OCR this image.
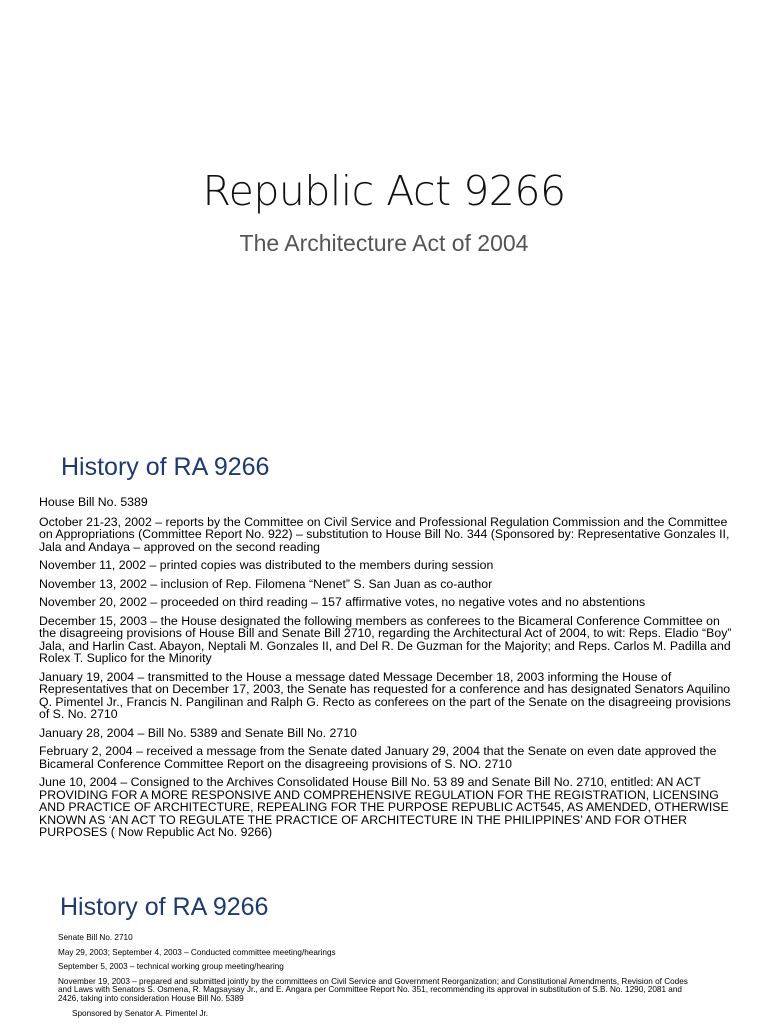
Republic Act 9266
The Architecture Act of 2004
History of RA 9266

House Bill No. 5389

October 21-23, 2002 – reports by the Committee on Civil Service and Professional Regulation Commission and the Committee on Appropriations (Committee Report No. 922) – substitution to House Bill No. 344 (Sponsored by: Representative Gonzales II, Jala and Andaya – approved on the second reading

November 11, 2002 – printed copies was distributed to the members during session

November 13, 2002 – inclusion of Rep. Filomena “Nenet” S. San Juan as co-author

November 20, 2002 – proceeded on third reading – 157 affirmative votes, no negative votes and no abstentions

December 15, 2003 – the House designated the following members as conferees to the Bicameral Conference Committee on the disagreeing provisions of House Bill and Senate Bill 2710, regarding the Architectural Act of 2004, to wit: Reps. Eladio “Boy” Jala, and Harlin Cast. Abayon, Neptali M. Gonzales II, and Del R. De Guzman for the Majority; and Reps. Carlos M. Padilla and Rolex T. Suplico for the Minority

January 19, 2004 – transmitted to the House a message dated Message December 18, 2003 informing the House of Representatives that on December 17, 2003, the Senate has requested for a conference and has designated Senators Aquilino Q. Pimentel Jr., Francis N. Pangilinan and Ralph G. Recto as conferees on the part of the Senate on the disagreeing provisions of S. No. 2710

January 28, 2004 – Bill No. 5389 and Senate Bill No. 2710

February 2, 2004 – received a message from the Senate dated January 29, 2004 that the Senate on even date approved the Bicameral Conference Committee Report on the disagreeing provisions of S. NO. 2710

June 10, 2004 – Consigned to the Archives Consolidated House Bill No. 53 89 and Senate Bill No. 2710, entitled: AN ACT PROVIDING FOR A MORE RESPONSIVE AND COMPREHENSIVE REGULATION FOR THE REGISTRATION, LICENSING AND PRACTICE OF ARCHITECTURE, REPEALING FOR THE PURPOSE REPUBLIC ACT545, AS AMENDED, OTHERWISE KNOWN AS ‘AN ACT TO REGULATE THE PRACTICE OF ARCHITECTURE IN THE PHILIPPINES’ AND FOR OTHER PURPOSES ( Now Republic Act No. 9266)

History of RA 9266

Senate Bill No. 2710

May 29, 2003; September 4, 2003 – Conducted committee meeting/hearings

September 5, 2003 – technical working group meeting/hearing

November 19, 2003 – prepared and submitted jointly by the committees on Civil Service and Government Reorganization; and Constitutional Amendments, Revision of Codes and Laws with Senators S. Osmena, R. Magsaysay Jr., and E. Angara per Committee Report No. 351, recommending its approval in substitution of S.B. No. 1290, 2081 and 2426, taking into consideration House Bill No. 5389

Sponsored by Senator A. Pimentel Jr.
